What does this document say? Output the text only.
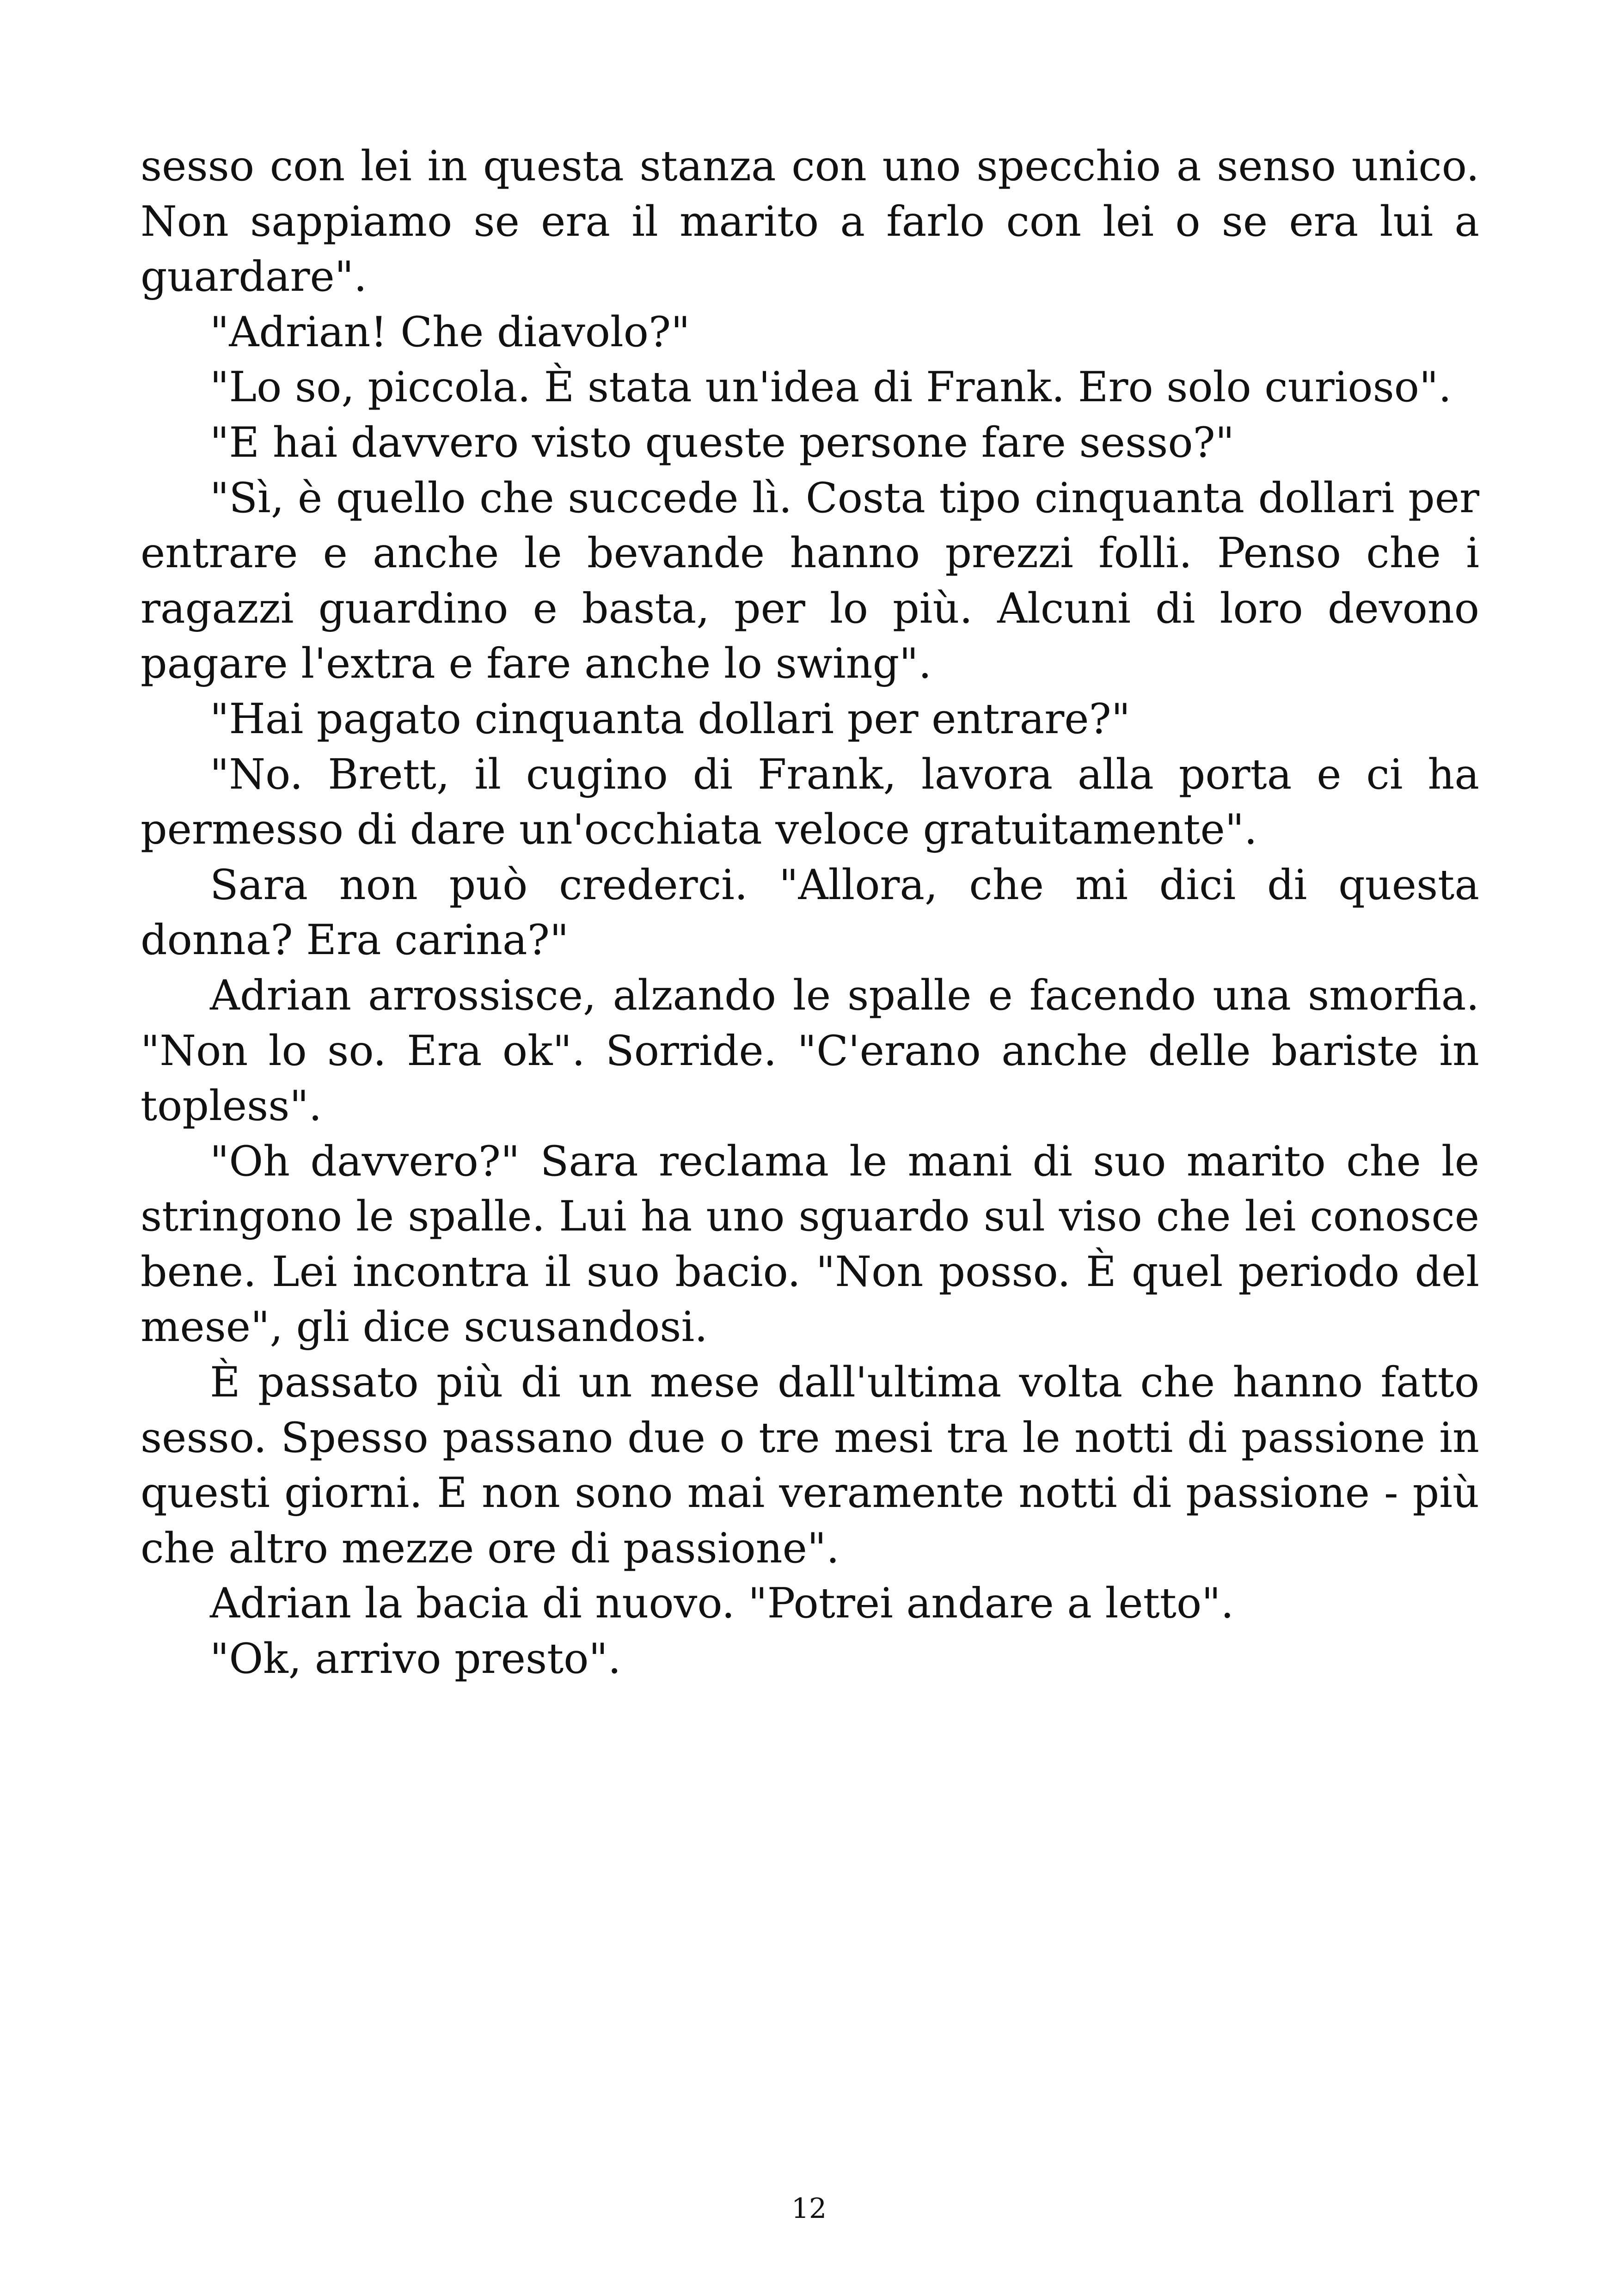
sesso con lei in questa stanza con uno specchio a senso unico. Non sappiamo se era il marito a farlo con lei o se era lui a guardare".

"Adrian! Che diavolo?"

"Lo so, piccola. È stata un'idea di Frank. Ero solo curioso".

"E hai davvero visto queste persone fare sesso?"

"Sì, è quello che succede lì. Costa tipo cinquanta dollari per entrare e anche le bevande hanno prezzi folli. Penso che i ragazzi guardino e basta, per lo più. Alcuni di loro devono pagare l'extra e fare anche lo swing".

"Hai pagato cinquanta dollari per entrare?"

"No. Brett, il cugino di Frank, lavora alla porta e ci ha permesso di dare un'occhiata veloce gratuitamente".

Sara non può crederci. "Allora, che mi dici di questa donna? Era carina?"

Adrian arrossisce, alzando le spalle e facendo una smorfia. "Non lo so. Era ok". Sorride. "C'erano anche delle bariste in topless".

"Oh davvero?" Sara reclama le mani di suo marito che le stringono le spalle. Lui ha uno sguardo sul viso che lei conosce bene. Lei incontra il suo bacio. "Non posso. È quel periodo del mese", gli dice scusandosi.

È passato più di un mese dall'ultima volta che hanno fatto sesso. Spesso passano due o tre mesi tra le notti di passione in questi giorni. E non sono mai veramente notti di passione - più che altro mezze ore di passione".

Adrian la bacia di nuovo. "Potrei andare a letto".

"Ok, arrivo presto".

12
